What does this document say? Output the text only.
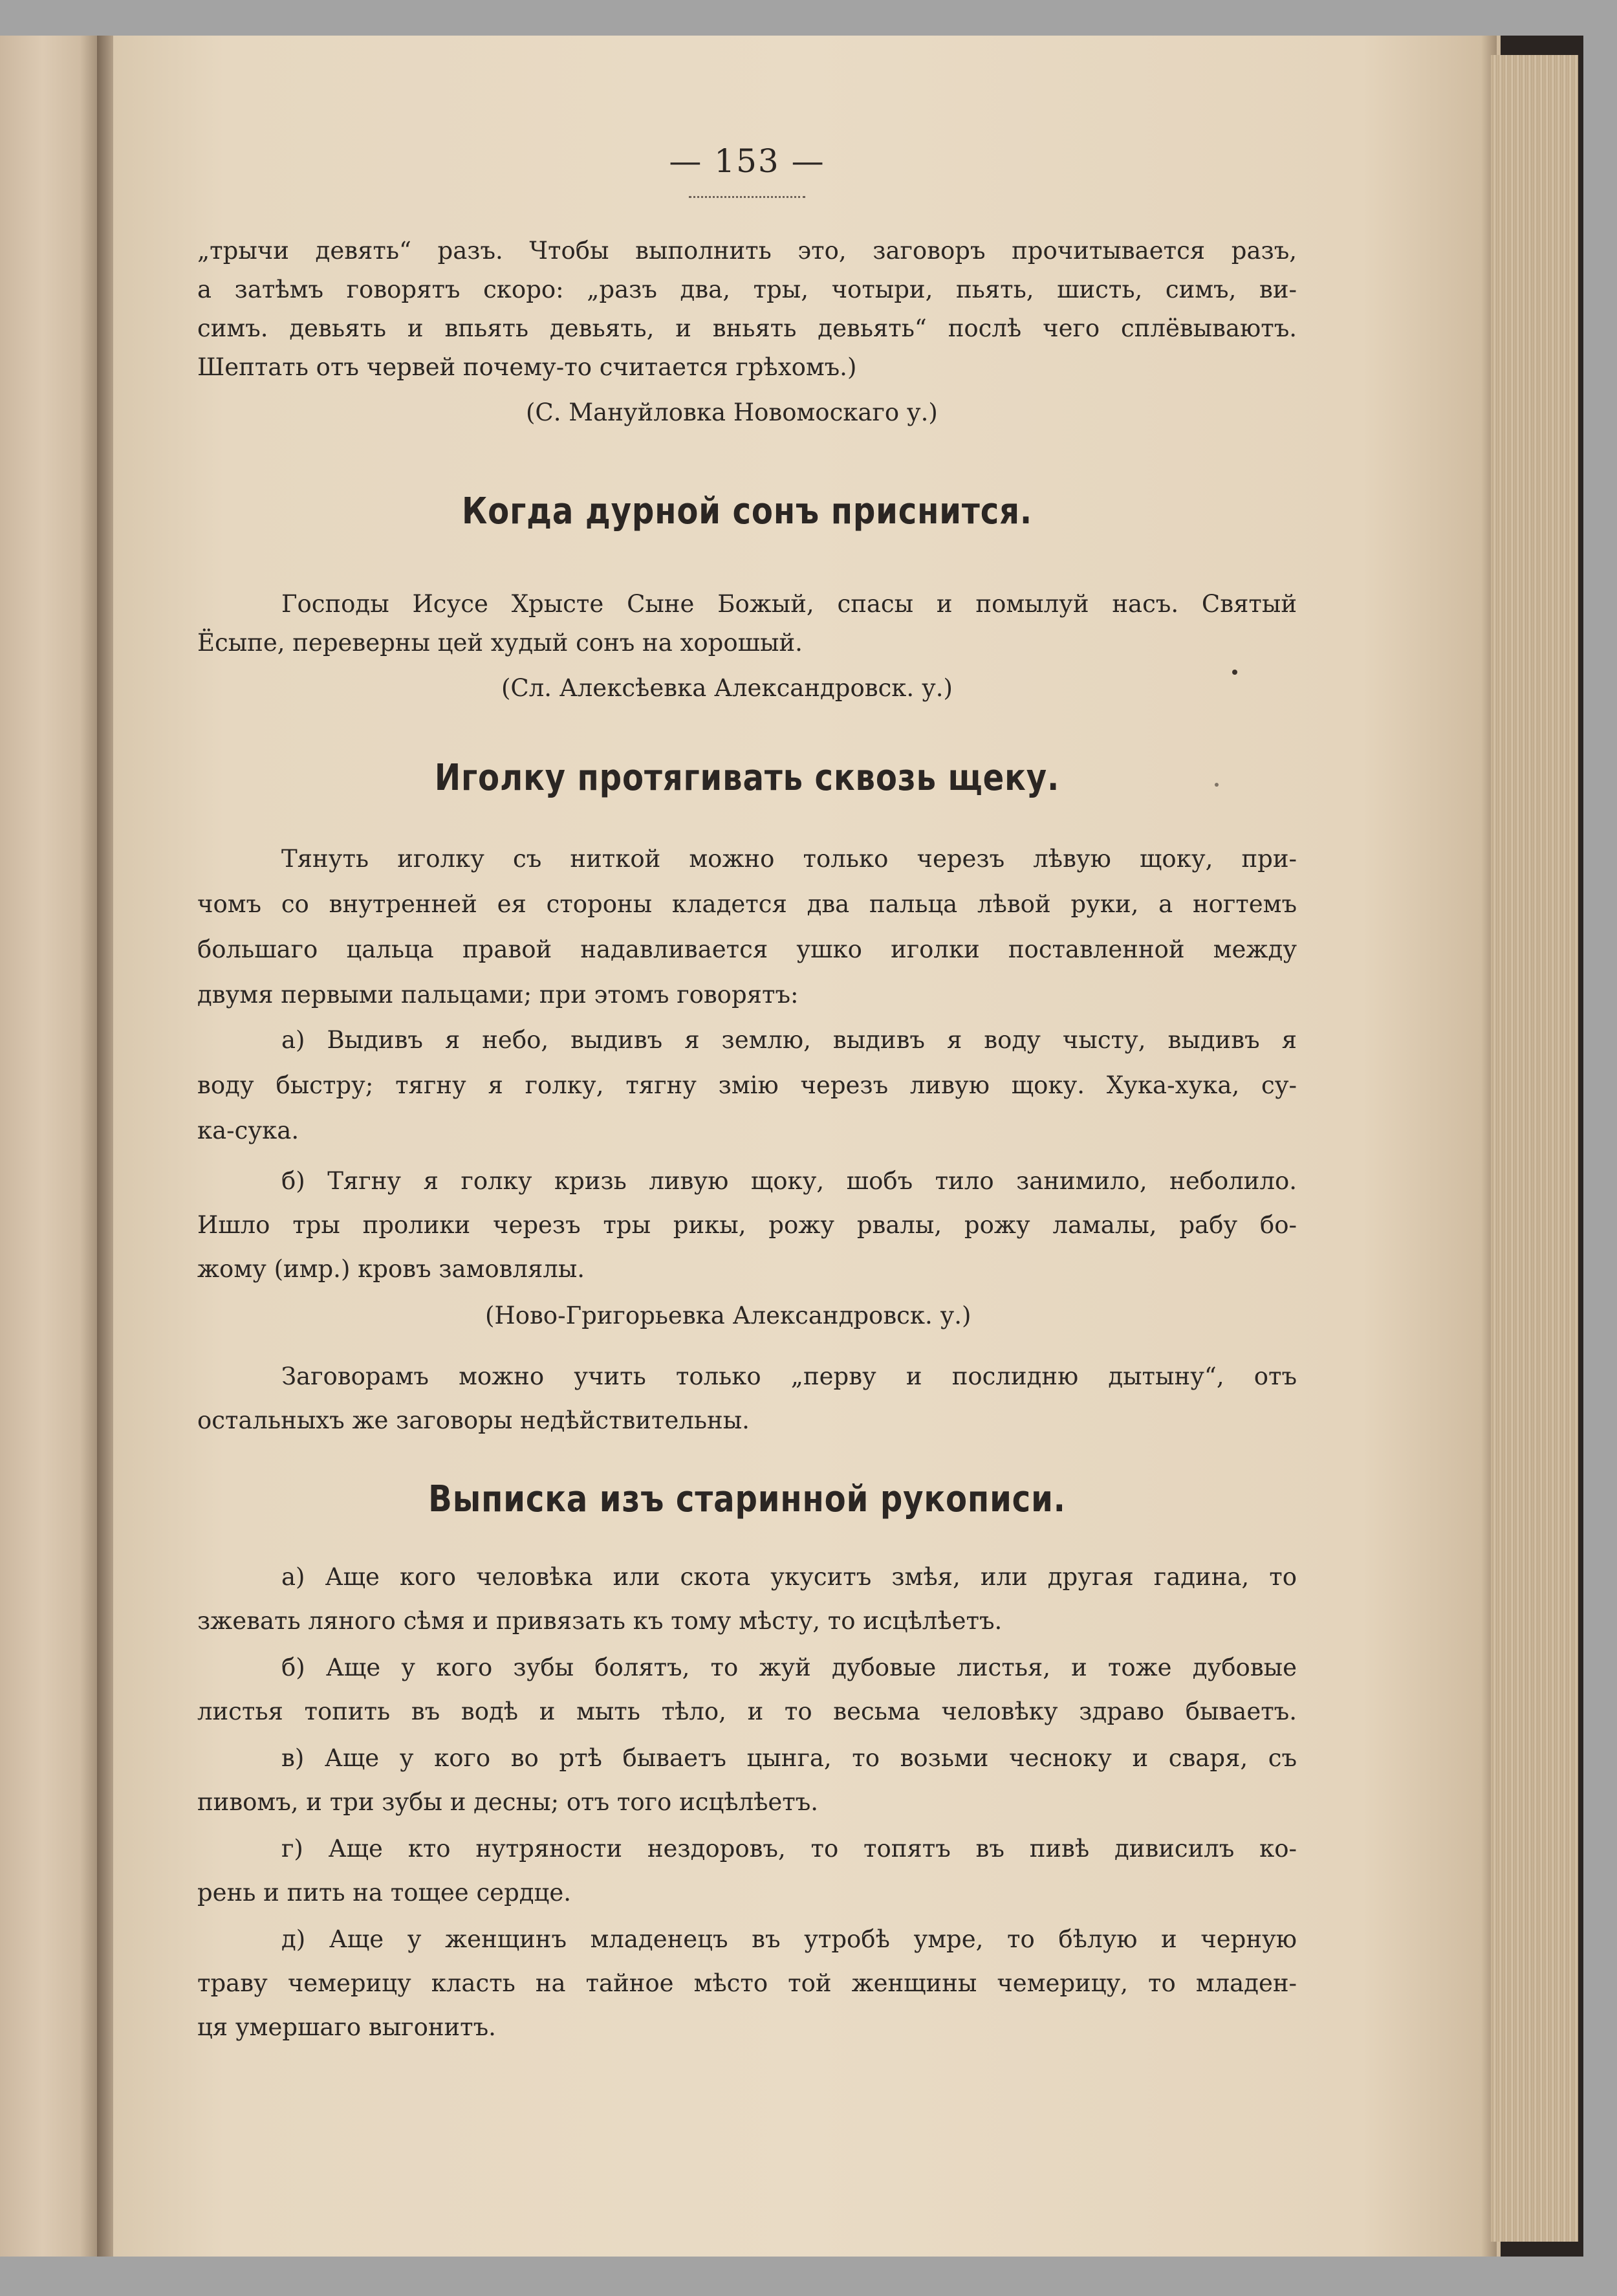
— 153 —
„трычи девять“ разъ. Чтобы выполнить это, заговоръ прочитывается разъ,
а затѣмъ говорятъ скоро: „разъ два, тры, чотыри, пьять, шисть, симъ, ви-
симъ. девьять и впьять девьять, и вньять девьять“ послѣ чего сплёвываютъ.
Шептать отъ червей почему-то считается грѣхомъ.)
(С. Мануйловка Новомоскаго у.)
Когда дурной сонъ приснится.
Господы Исусе Хрысте Сыне Божый, спасы и помылуй насъ. Святый
Ёсыпе, переверны цей худый сонъ на хорошый.
(Сл. Алексѣевка Александровск. у.)
Иголку протягивать сквозь щеку.
Тянуть иголку съ ниткой можно только черезъ лѣвую щоку, при-
чомъ со внутренней ея стороны кладется два пальца лѣвой руки, а ногтемъ
большаго цальца правой надавливается ушко иголки поставленной между
двумя первыми пальцами; при этомъ говорятъ:
а) Выдивъ я небо, выдивъ я землю, выдивъ я воду чысту, выдивъ я
воду быстру; тягну я голку, тягну змію черезъ ливую щоку. Хука-хука, су-
ка-сука.
б) Тягну я голку кризь ливую щоку, шобъ тило занимило, неболило.
Ишло тры пролики черезъ тры рикы, рожу рвалы, рожу ламалы, рабу бо-
жому (имр.) кровъ замовлялы.
(Ново-Григорьевка Александровск. у.)
Заговорамъ можно учить только „перву и послидню дытыну“, отъ
остальныхъ же заговоры недѣйствительны.
Выписка изъ старинной рукописи.
а) Аще кого человѣка или скота укуситъ змѣя, или другая гадина, то
зжевать ляного сѣмя и привязать къ тому мѣсту, то исцѣлѣетъ.
б) Аще у кого зубы болятъ, то жуй дубовые листья, и тоже дубовые
листья топить въ водѣ и мыть тѣло, и то весьма человѣку здраво бываетъ.
в) Аще у кого во ртѣ бываетъ цынга, то возьми чесноку и сваря, съ
пивомъ, и три зубы и десны; отъ того исцѣлѣетъ.
г) Аще кто нутряности нездоровъ, то топятъ въ пивѣ дивисилъ ко-
рень и пить на тощее сердце.
д) Аще у женщинъ младенецъ въ утробѣ умре, то бѣлую и черную
траву чемерицу класть на тайное мѣсто той женщины чемерицу, то младен-
ця умершаго выгонитъ.
